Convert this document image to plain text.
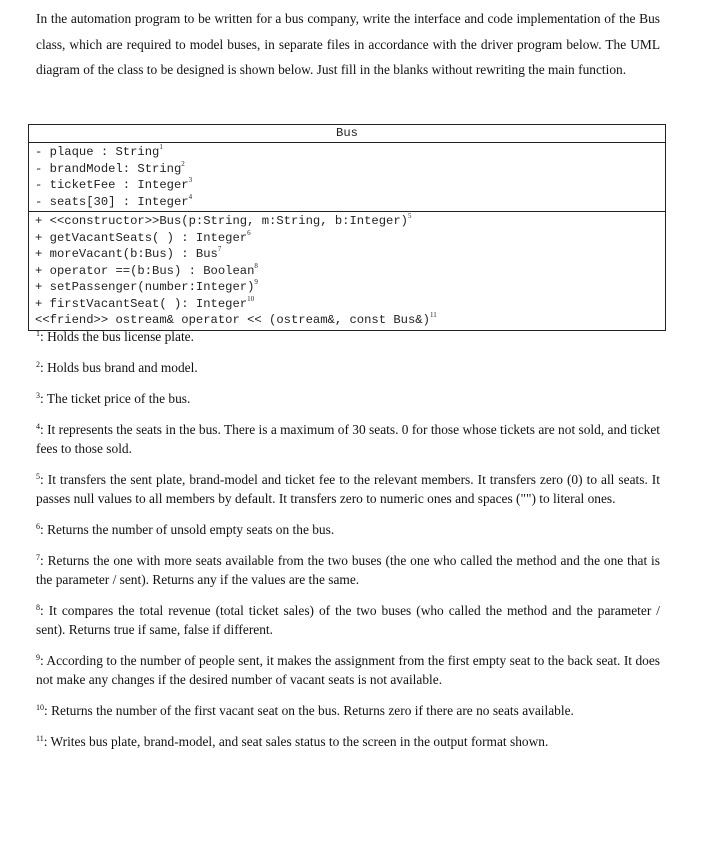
In the automation program to be written for a bus company, write the interface and code implementation of the Bus class, which are required to model buses, in separate files in accordance with the driver program below. The UML diagram of the class to be designed is shown below. Just fill in the blanks without rewriting the main function.

Bus
- plaque : String$^1$
- brandModel: String$^2$
- ticketFee : Integer$^3$
- seats[30] : Integer$^4$
+ <<constructor>>Bus(p:String, m:String, b:Integer)$^5$
+ getVacantSeats( ) : Integer$^6$
+ moreVacant(b:Bus) : Bus$^7$
+ operator ==(b:Bus) : Boolean$^8$
+ setPassenger(number:Integer)$^9$
+ firstVacantSeat( ): Integer$^{10}$
<<friend>> ostream& operator << (ostream&, const Bus&)$^{11}$

$^1$: Holds the bus license plate.

$^2$: Holds bus brand and model.

$^3$: The ticket price of the bus.

$^4$: It represents the seats in the bus. There is a maximum of 30 seats. 0 for those whose tickets are not sold, and ticket fees to those sold.

$^5$: It transfers the sent plate, brand-model and ticket fee to the relevant members. It transfers zero (0) to all seats. It passes null values to all members by default. It transfers zero to numeric ones and spaces ("") to literal ones.

$^6$: Returns the number of unsold empty seats on the bus.

$^7$: Returns the one with more seats available from the two buses (the one who called the method and the one that is the parameter / sent). Returns any if the values are the same.

$^8$: It compares the total revenue (total ticket sales) of the two buses (who called the method and the parameter / sent). Returns true if same, false if different.

$^9$: According to the number of people sent, it makes the assignment from the first empty seat to the back seat. It does not make any changes if the desired number of vacant seats is not available.

$^{10}$: Returns the number of the first vacant seat on the bus. Returns zero if there are no seats available.

$^{11}$: Writes bus plate, brand-model, and seat sales status to the screen in the output format shown.
